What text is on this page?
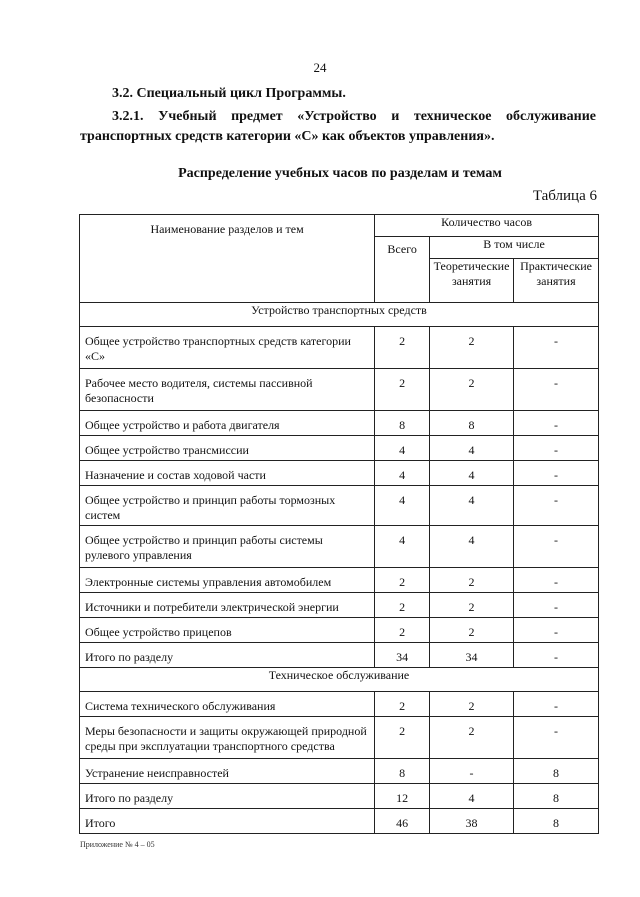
24
3.2. Специальный цикл Программы.
3.2.1. Учебный предмет «Устройство и техническое обслуживание транспортных средств категории «С» как объектов управления».
Распределение учебных часов по разделам и темам
Таблица 6
Наименование разделов и тем	Количество часов		
	Всего	В том числе	
		Теоретические занятия	Практические занятия
Устройство транспортных средств			
Общее устройство транспортных средств категории «С»	2	2	-
Рабочее место водителя, системы пассивной безопасности	2	2	-
Общее устройство и работа двигателя	8	8	-
Общее устройство трансмиссии	4	4	-
Назначение и состав ходовой части	4	4	-
Общее устройство и принцип работы тормозных систем	4	4	-
Общее устройство и принцип работы системы рулевого управления	4	4	-
Электронные системы управления автомобилем	2	2	-
Источники и потребители электрической энергии	2	2	-
Общее устройство прицепов	2	2	-
Итого по разделу	34	34	-
Техническое обслуживание			
Система технического обслуживания	2	2	-
Меры безопасности и защиты окружающей природной среды при эксплуатации транспортного средства	2	2	-
Устранение неисправностей	8	-	8
Итого по разделу	12	4	8
Итого	46	38	8
Приложение № 4 – 05
